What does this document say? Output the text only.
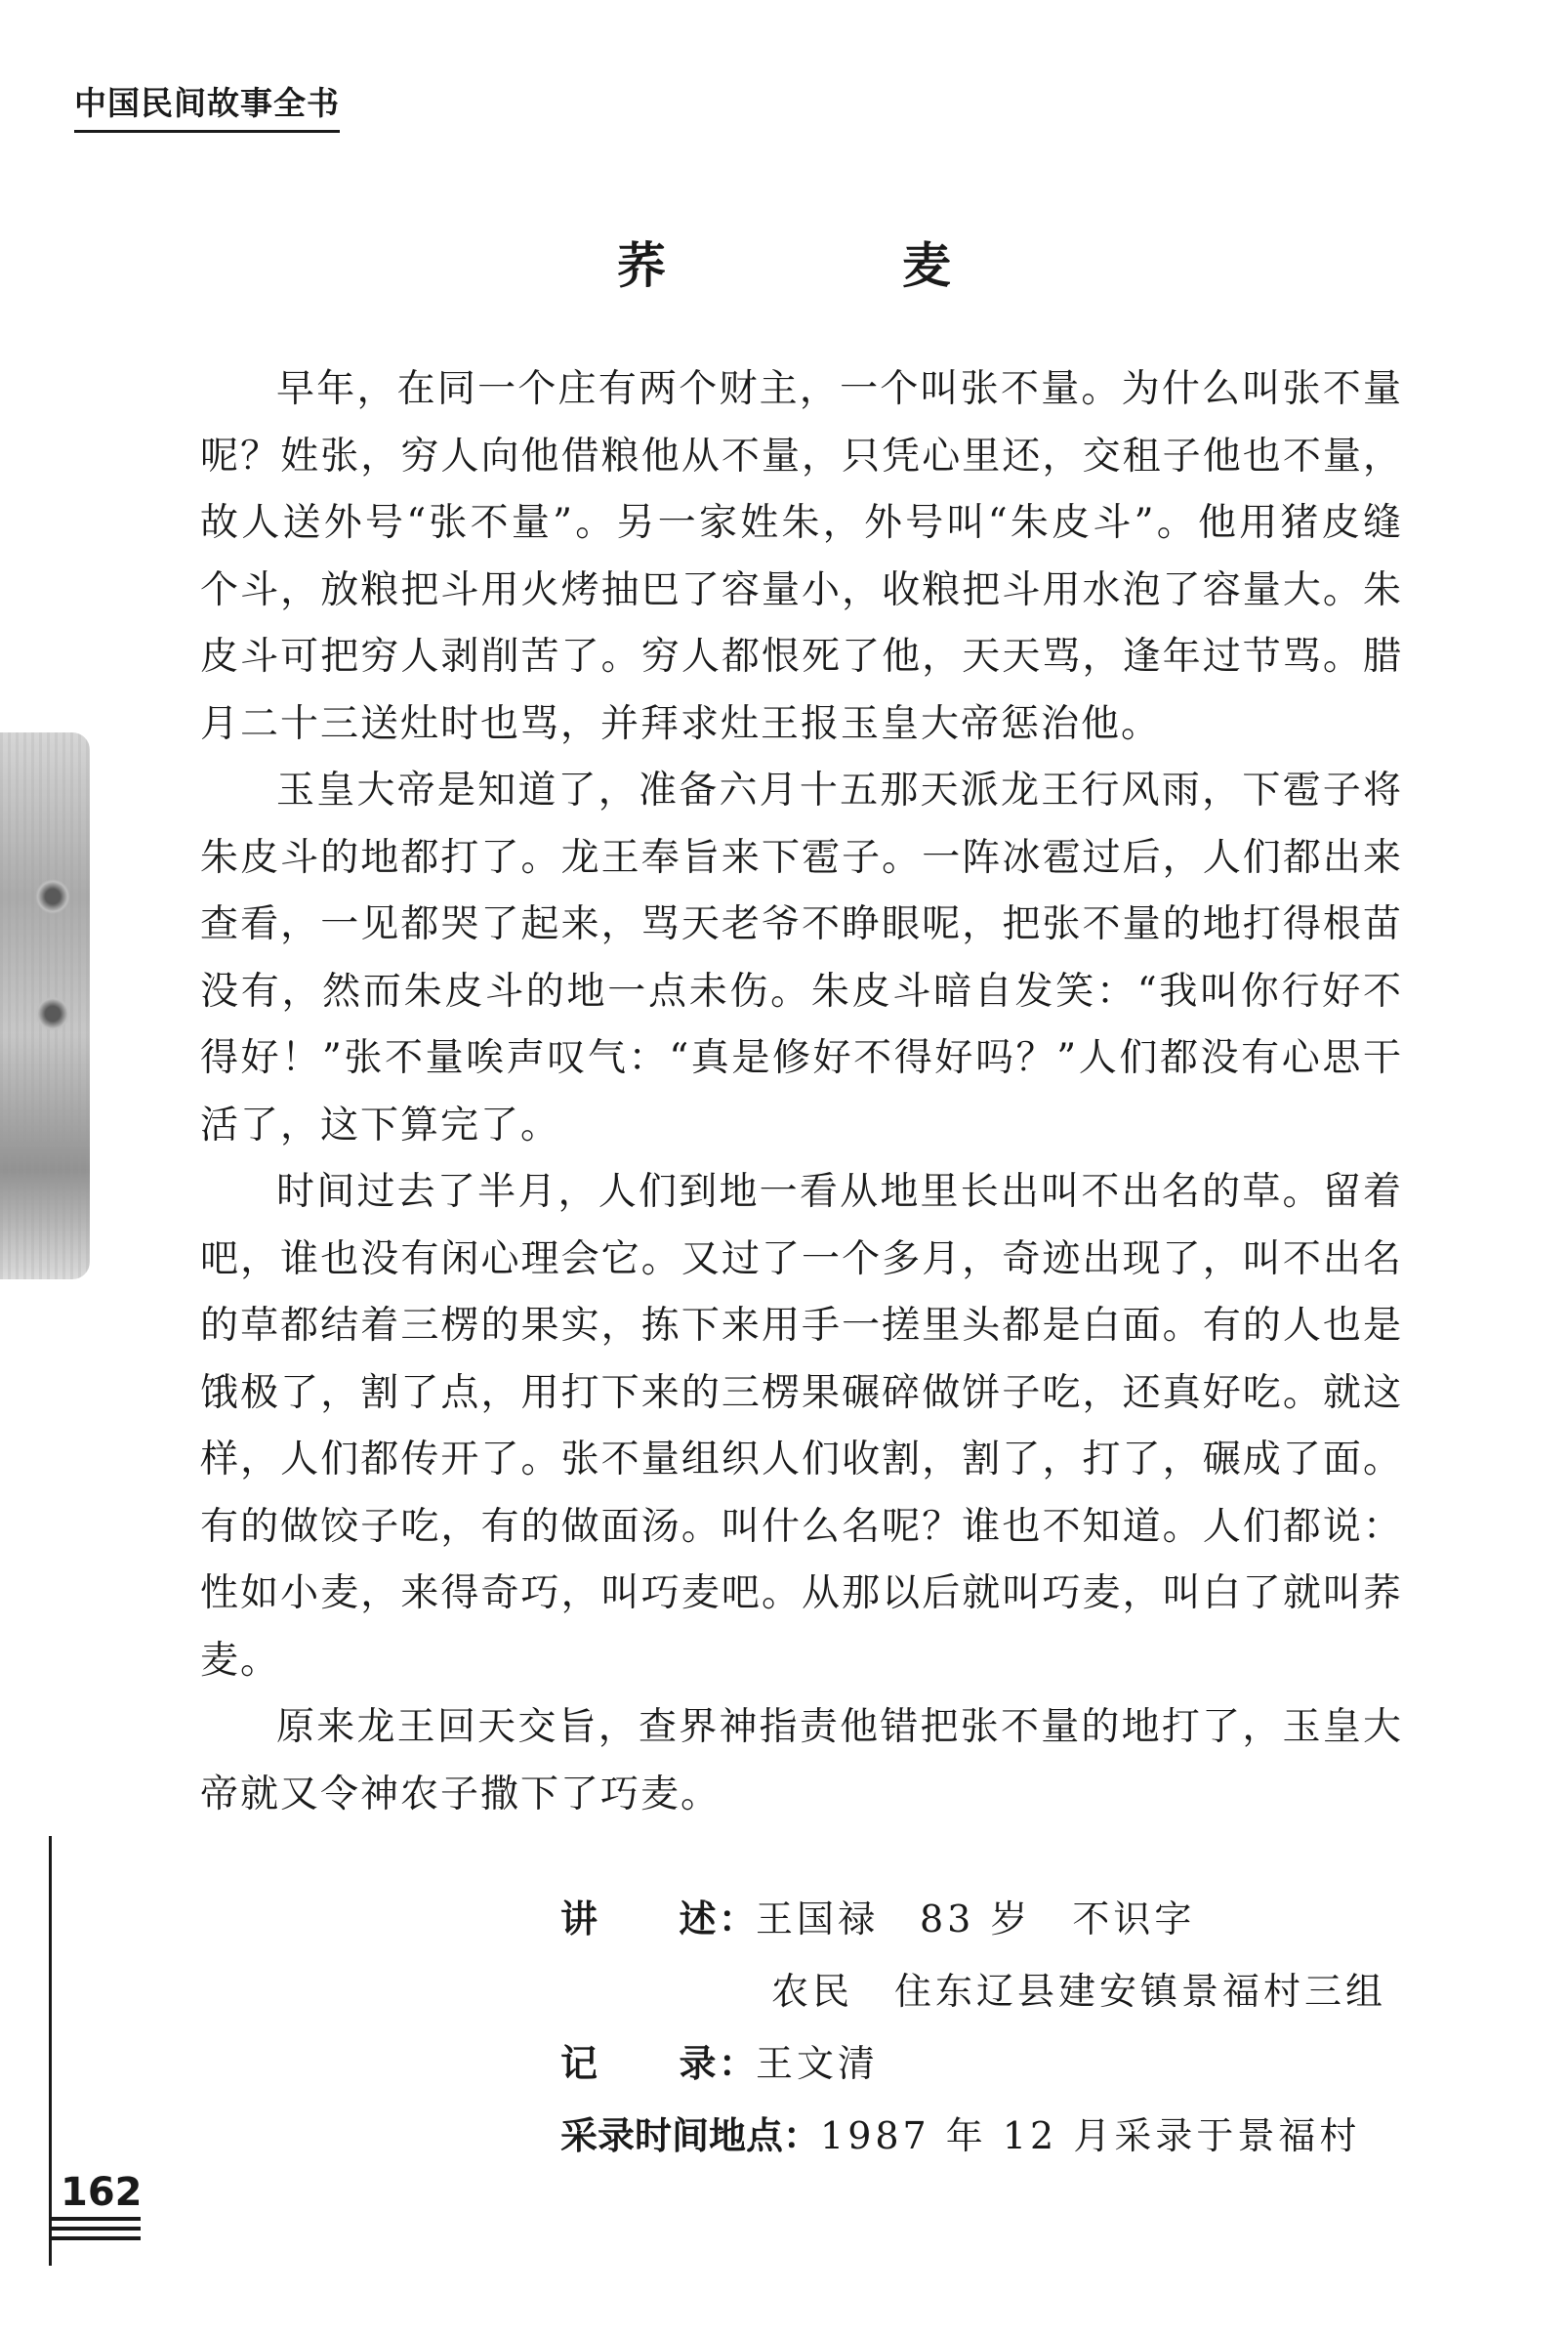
中国民间故事全书
荞　麦

早年，在同一个庄有两个财主，一个叫张不量。为什么叫张不量呢？姓张，穷人向他借粮他从不量，只凭心里还，交租子他也不量，故人送外号“张不量”。另一家姓朱，外号叫“朱皮斗”。他用猪皮缝个斗，放粮把斗用火烤抽巴了容量小，收粮把斗用水泡了容量大。朱皮斗可把穷人剥削苦了。穷人都恨死了他，天天骂，逢年过节骂。腊月二十三送灶时也骂，并拜求灶王报玉皇大帝惩治他。

玉皇大帝是知道了，准备六月十五那天派龙王行风雨，下雹子将朱皮斗的地都打了。龙王奉旨来下雹子。一阵冰雹过后，人们都出来查看，一见都哭了起来，骂天老爷不睁眼呢，把张不量的地打得根苗没有，然而朱皮斗的地一点未伤。朱皮斗暗自发笑：“我叫你行好不得好！”张不量唉声叹气：“真是修好不得好吗？”人们都没有心思干活了，这下算完了。

时间过去了半月，人们到地一看从地里长出叫不出名的草。留着吧，谁也没有闲心理会它。又过了一个多月，奇迹出现了，叫不出名的草都结着三楞的果实，拣下来用手一搓里头都是白面。有的人也是饿极了，割了点，用打下来的三楞果碾碎做饼子吃，还真好吃。就这样，人们都传开了。张不量组织人们收割，割了，打了，碾成了面。有的做饺子吃，有的做面汤。叫什么名呢？谁也不知道。人们都说：性如小麦，来得奇巧，叫巧麦吧。从那以后就叫巧麦，叫白了就叫荞麦。

原来龙王回天交旨，查界神指责他错把张不量的地打了，玉皇大帝就又令神农子撒下了巧麦。

讲　　述： 王国禄　83 岁　不识字
农民　住东辽县建安镇景福村三组
记　　录： 王文清
采录时间地点： 1987 年 12 月采录于景福村
162
